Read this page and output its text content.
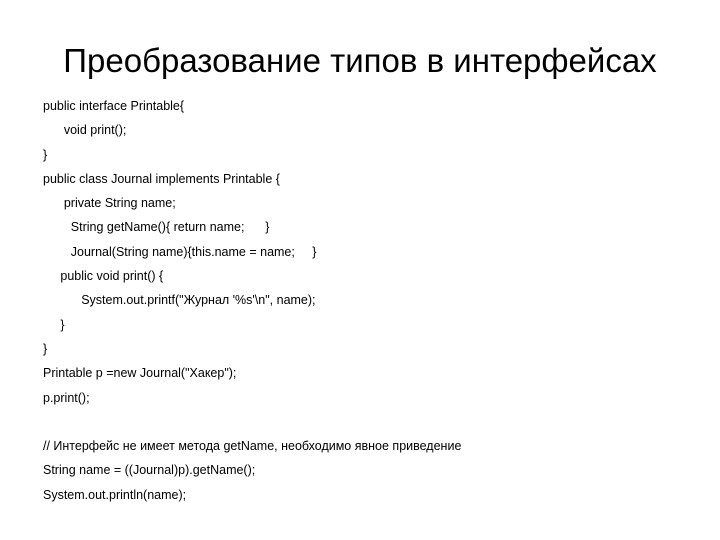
Преобразование типов в интерфейсах
public interface Printable{
void print();
}
public class Journal implements Printable {
private String name;
String getName(){ return name;      }
Journal(String name){this.name = name;     }
public void print() {
System.out.printf("Журнал '%s'\n", name);
}
}
Printable p =new Journal("Хакер");
p.print();
// Интерфейс не имеет метода getName, необходимо явное приведение
String name = ((Journal)p).getName();
System.out.println(name);
